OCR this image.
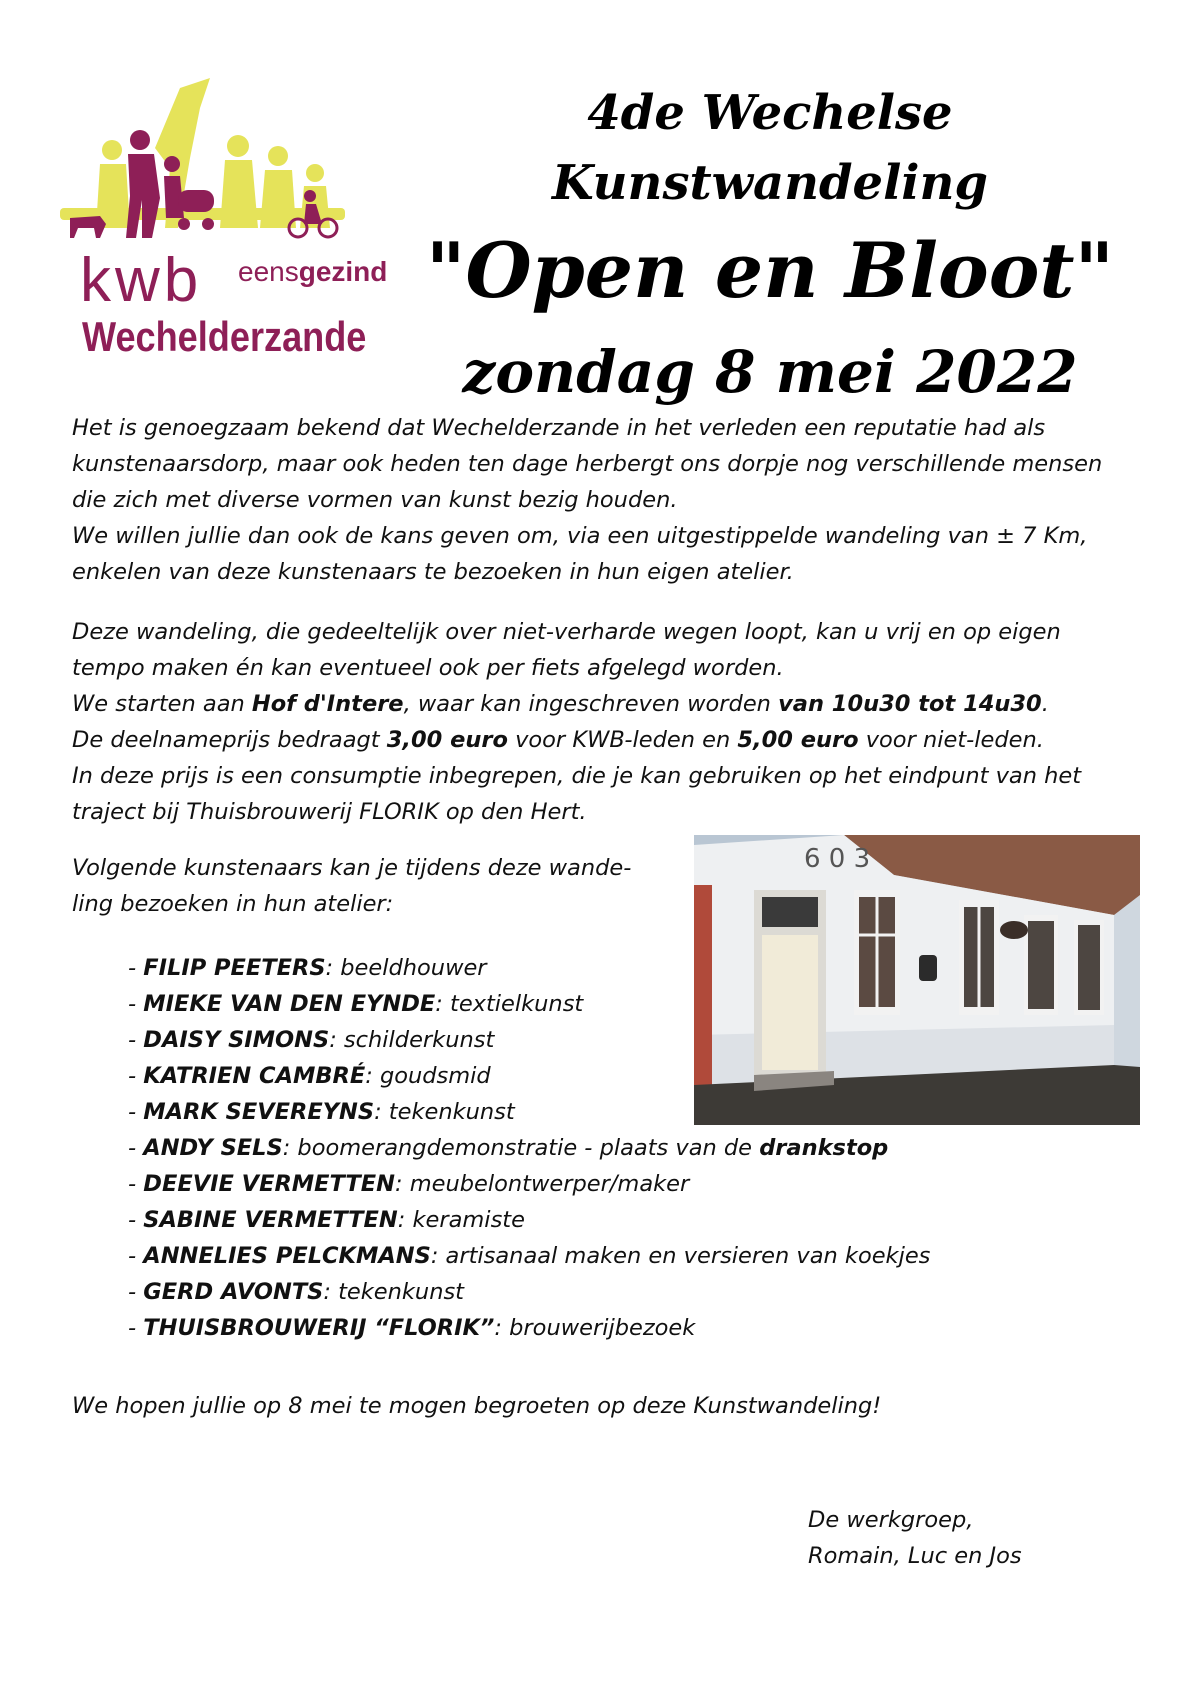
kwb eensgezind
Wechelderzande
4de Wechelse Kunstwandeling
"Open en Bloot"
zondag 8 mei 2022

Het is genoegzaam bekend dat Wechelderzande in het verleden een reputatie had als kunstenaarsdorp, maar ook heden ten dage herbergt ons dorpje nog verschillende mensen die zich met diverse vormen van kunst bezig houden.

We willen jullie dan ook de kans geven om, via een uitgestippelde wandeling van ± 7 Km, enkelen van deze kunstenaars te bezoeken in hun eigen atelier.

Deze wandeling, die gedeeltelijk over niet-verharde wegen loopt, kan u vrij en op eigen tempo maken én kan eventueel ook per fiets afgelegd worden.

We starten aan Hof d'Intere, waar kan ingeschreven worden van 10u30 tot 14u30.

De deelnameprijs bedraagt 3,00 euro voor KWB-leden en 5,00 euro voor niet-leden.

In deze prijs is een consumptie inbegrepen, die je kan gebruiken op het eindpunt van het traject bij Thuisbrouwerij FLORIK op den Hert.

Volgende kunstenaars kan je tijdens deze wande-

ling bezoeken in hun atelier:

6 0 3
- FILIP PEETERS: beeldhouwer
- MIEKE VAN DEN EYNDE: textielkunst
- DAISY SIMONS: schilderkunst
- KATRIEN CAMBRÉ: goudsmid
- MARK SEVEREYNS: tekenkunst
- ANDY SELS: boomerangdemonstratie - plaats van de drankstop
- DEEVIE VERMETTEN: meubelontwerper/maker
- SABINE VERMETTEN: keramiste
- ANNELIES PELCKMANS: artisanaal maken en versieren van koekjes
- GERD AVONTS: tekenkunst
- THUISBROUWERIJ “FLORIK”: brouwerijbezoek
We hopen jullie op 8 mei te mogen begroeten op deze Kunstwandeling!

De werkgroep,

Romain, Luc en Jos
